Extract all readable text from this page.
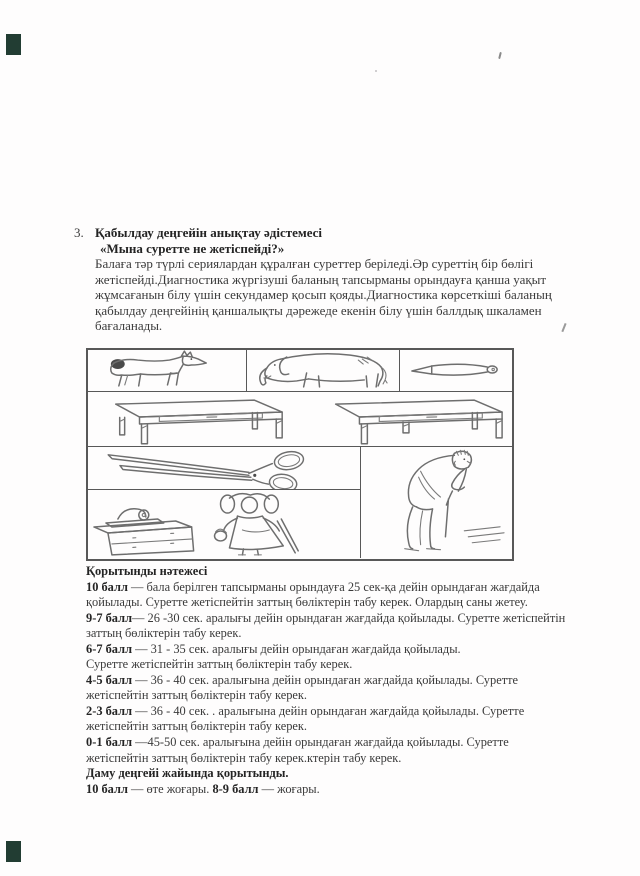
3. Қабылдау деңгейін анықтау әдістемесі
«Мына суретте не жетіспейді?»
Балаға тәр түрлі сериялардан құралған суреттер беріледі.Әр суреттің бір бөлігі
жетіспейді.Диагностика жүргізуші баланың тапсырманы орындауға қанша уақыт
жұмсағанын білу үшін секундамер қосып қояды.Диагностика көрсеткіші баланың
қабылдау деңгейінің қаншалықты дәрежеде екенін білу үшін баллдық шкаламен
бағаланады.
Қорытынды нәтежесі
10 балл — бала берілген тапсырманы орындауға 25 сек-қа дейін орындаған жағдайда
қойылады. Суретте жетіспейтін заттың бөліктерін табу керек. Олардың саны жетеу.
9-7 балл— 26 -30 сек. аралығы дейін орындаған жағдайда қойылады. Суретте жетіспейтін
заттың бөліктерін табу керек.
6-7 балл — 31 - 35 сек. аралығы дейін орындаған жағдайда қойылады.
Суретте жетіспейтін заттың бөліктерін табу керек.
4-5 балл — 36 - 40 сек. аралығына дейін орындаған жағдайда қойылады. Суретте
жетіспейтін заттың бөліктерін табу керек.
2-3 балл — 36 - 40 сек. . аралығына дейін орындаған жағдайда қойылады. Суретте
жетіспейтін заттың бөліктерін табу керек.
0-1 балл —45-50 сек. аралығына дейін орындаған жағдайда қойылады. Суретте
жетіспейтін заттың бөліктерін табу керек.ктерін табу керек.
Даму деңгейі жайында қорытынды.
10 балл — өте жоғары. 8-9 балл — жоғары.
